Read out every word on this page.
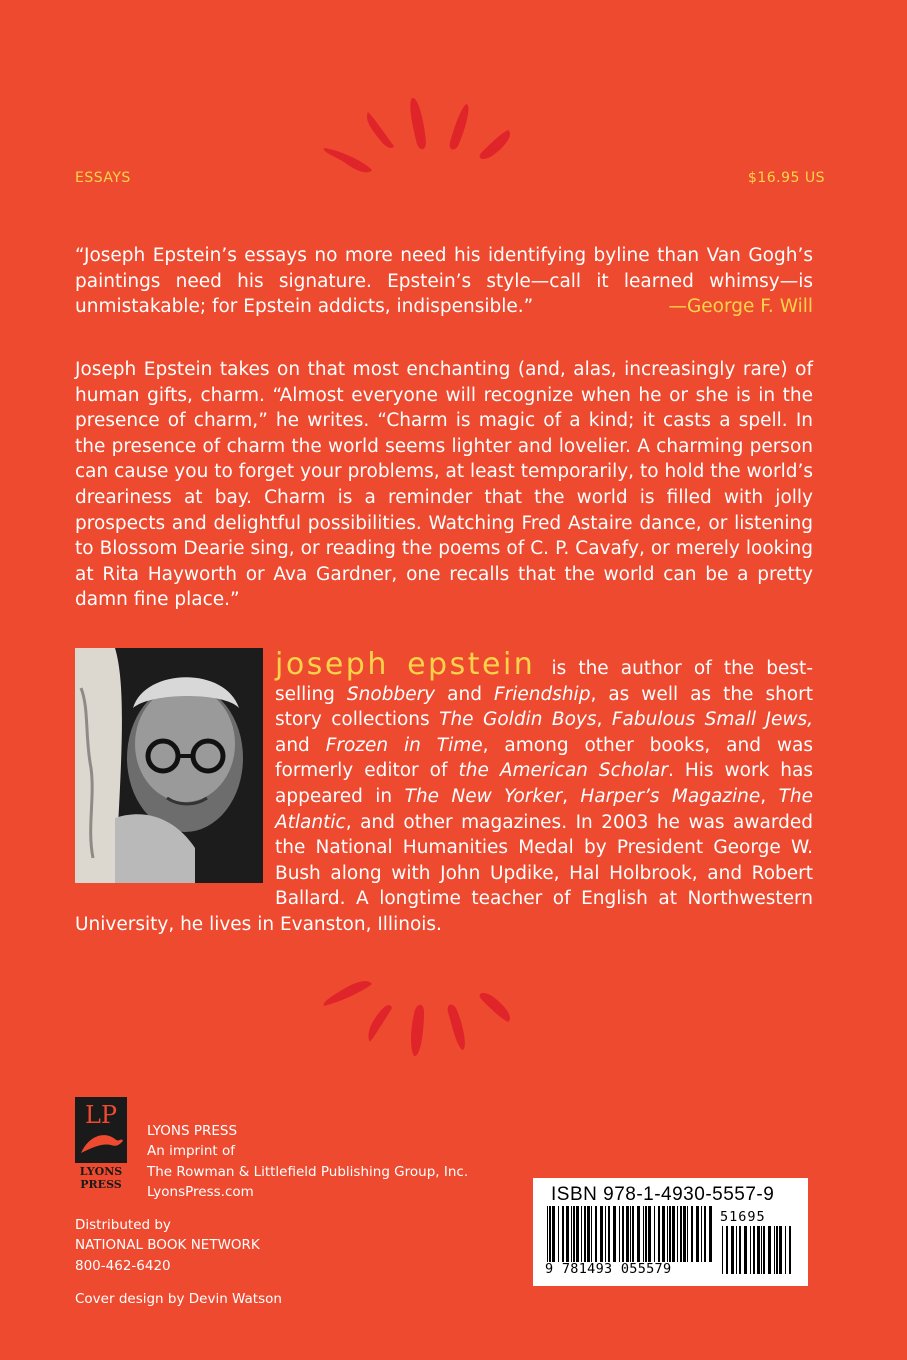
ESSAYS	$16.95 US
“Joseph Epstein’s essays no more need his identifying byline than Van Gogh’s paintings need his signature. Epstein’s style—call it learned whimsy—is unmistakable; for Epstein addicts, indispensible.”	—George F. Will
Joseph Epstein takes on that most enchanting (and, alas, increasingly rare) of human gifts, charm. “Almost everyone will recognize when he or she is in the presence of charm,” he writes. “Charm is magic of a kind; it casts a spell. In the presence of charm the world seems lighter and lovelier. A charming person can cause you to forget your problems, at least temporarily, to hold the world’s dreariness at bay. Charm is a reminder that the world is filled with jolly prospects and delightful possibilities. Watching Fred Astaire dance, or listening to Blossom Dearie sing, or reading the poems of C. P. Cavafy, or merely looking at Rita Hayworth or Ava Gardner, one recalls that the world can be a pretty damn fine place.”
joseph epstein is the author of the best-selling Snobbery and Friendship, as well as the short story collections The Goldin Boys, Fabulous Small Jews, and Frozen in Time, among other books, and was formerly editor of the American Scholar. His work has appeared in The New Yorker, Harper’s Magazine, The Atlantic, and other magazines. In 2003 he was awarded the National Humanities Medal by President George W. Bush along with John Updike, Hal Holbrook, and Robert Ballard. A longtime teacher of English at Northwestern University, he lives in Evanston, Illinois.
LP
LYONS
PRESS
LYONS PRESS
An imprint of
The Rowman & Littlefield Publishing Group, Inc.
LyonsPress.com
Distributed by
NATIONAL BOOK NETWORK
800-462-6420
Cover design by Devin Watson
ISBN 978-1-4930-5557-9
51695
9 781493 055579
